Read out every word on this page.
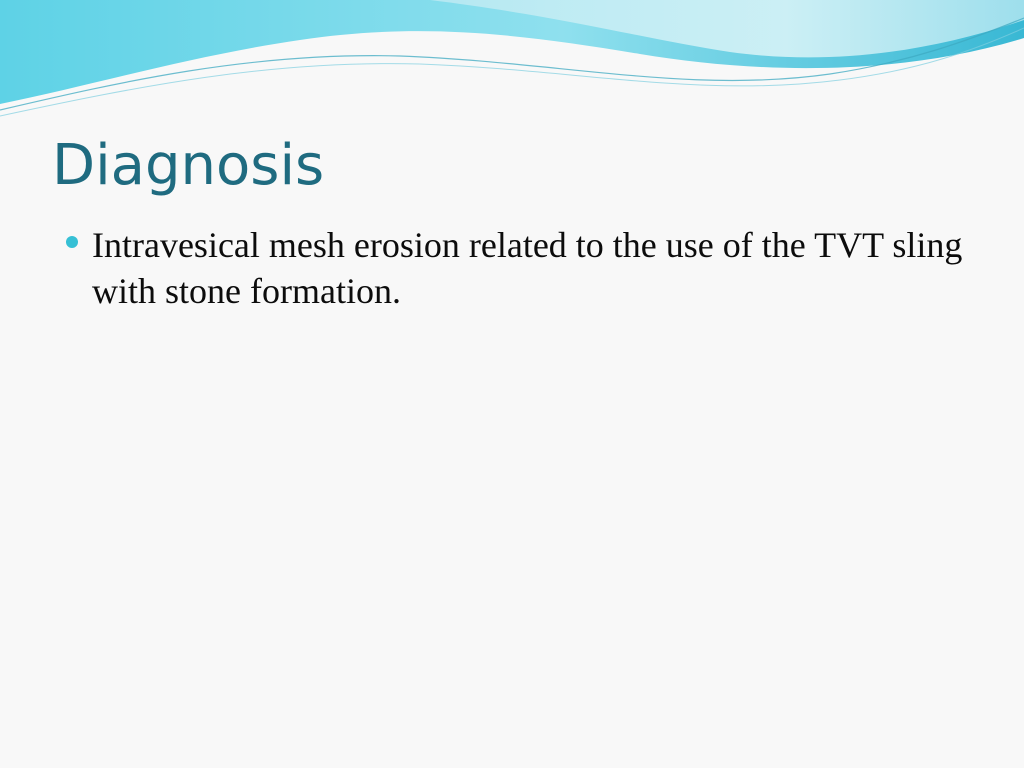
Diagnosis
Intravesical mesh erosion related to the use of the TVT sling with stone formation.
